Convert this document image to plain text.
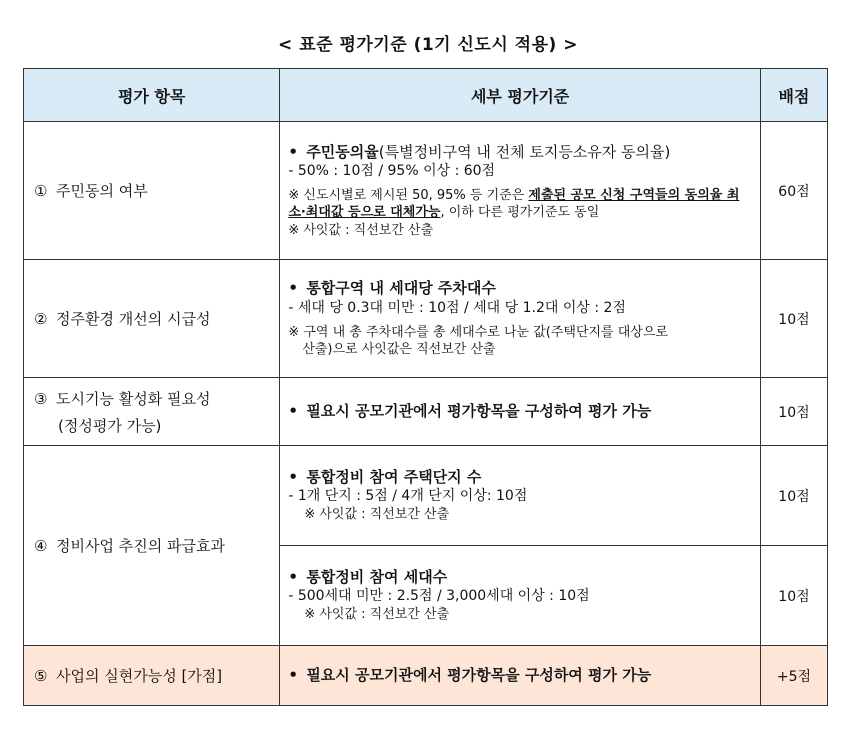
< 표준 평가기준 (1기 신도시 적용) >
평가 항목	세부 평가기준	배점
① 주민동의 여부	• 주민동의율(특별정비구역 내 전체 토지등소유자 동의율)
- 50% : 10점 / 95% 이상 : 60점
※ 신도시별로 제시된 50, 95% 등 기준은 제출된 공모 신청 구역들의 동의율 최소·최대값 등으로 대체가능, 이하 다른 평가기준도 동일
※ 사잇값 : 직선보간 산출	60점
② 정주환경 개선의 시급성	• 통합구역 내 세대당 주차대수
- 세대 당 0.3대 미만 : 10점 / 세대 당 1.2대 이상 : 2점
※ 구역 내 총 주차대수를 총 세대수로 나눈 값(주택단지를 대상으로
산출)으로 사잇값은 직선보간 산출	10점

③ 도시기능 활성화 필요성
(정성평가 가능)	• 필요시 공모기관에서 평가항목을 구성하여 평가 가능	10점
④ 정비사업 추진의 파급효과	• 통합정비 참여 주택단지 수
- 1개 단지 : 5점 / 4개 단지 이상: 10점
※ 사잇값 : 직선보간 산출	10점

	• 통합정비 참여 세대수
- 500세대 미만 : 2.5점 / 3,000세대 이상 : 10점
※ 사잇값 : 직선보간 산출	10점
⑤ 사업의 실현가능성 [가점]	• 필요시 공모기관에서 평가항목을 구성하여 평가 가능	+5점
